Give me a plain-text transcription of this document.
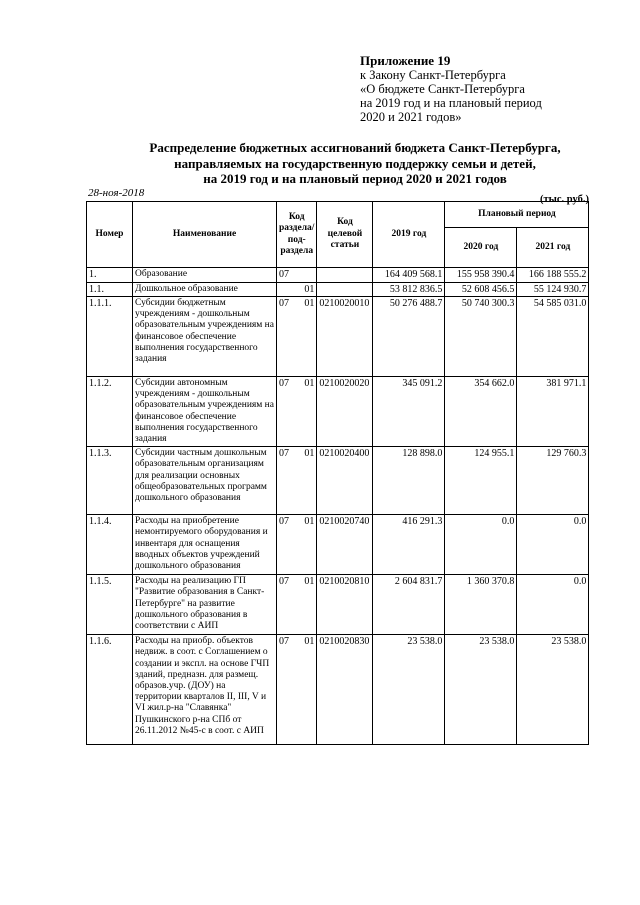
Приложение 19
к Закону Санкт-Петербурга
«О бюджете Санкт-Петербурга
на 2019 год и на плановый период
2020 и 2021 годов»
Распределение бюджетных ассигнований бюджета Санкт-Петербурга,
направляемых на государственную поддержку семьи и детей,
на 2019 год и на плановый период 2020 и 2021 годов
28-ноя-2018
(тыс. руб.)
Номер	Наименование	Код раздела/ под- раздела	Код целевой статьи	2019 год	Плановый период	
					2020 год	2021 год
1.	Образование	07		164 409 568.1	155 958 390.4	166 188 555.2
1.1.	Дошкольное образование	01		53 812 836.5	52 608 456.5	55 124 930.7
1.1.1.	Субсидии бюджетным учреждениям - дошкольным образовательным учреждениям на финансовое обеспечение выполнения государственного задания	07 01	0210020010	50 276 488.7	50 740 300.3	54 585 031.0
1.1.2.	Субсидии автономным учреждениям - дошкольным образовательным учреждениям на финансовое обеспечение выполнения государственного задания	07 01	0210020020	345 091.2	354 662.0	381 971.1
1.1.3.	Субсидии частным дошкольным образовательным организациям для реализации основных общеобразовательных программ дошкольного образования	07 01	0210020400	128 898.0	124 955.1	129 760.3
1.1.4.	Расходы на приобретение немонтируемого оборудования и инвентаря для оснащения вводных объектов учреждений дошкольного образования	07 01	0210020740	416 291.3	0.0	0.0
1.1.5.	Расходы на реализацию ГП "Развитие образования в Санкт-Петербурге" на развитие дошкольного образования в соответствии с АИП	07 01	0210020810	2 604 831.7	1 360 370.8	0.0
1.1.6.	Расходы на приобр. объектов недвиж. в соот. с Соглашением о создании и экспл. на основе ГЧП зданий, предназн. для размещ. образов.учр. (ДОУ) на территории кварталов II, III, V и VI жил.р-на "Славянка" Пушкинского р-на СПб от 26.11.2012 №45-с в соот. с АИП	07 01	0210020830	23 538.0	23 538.0	23 538.0
